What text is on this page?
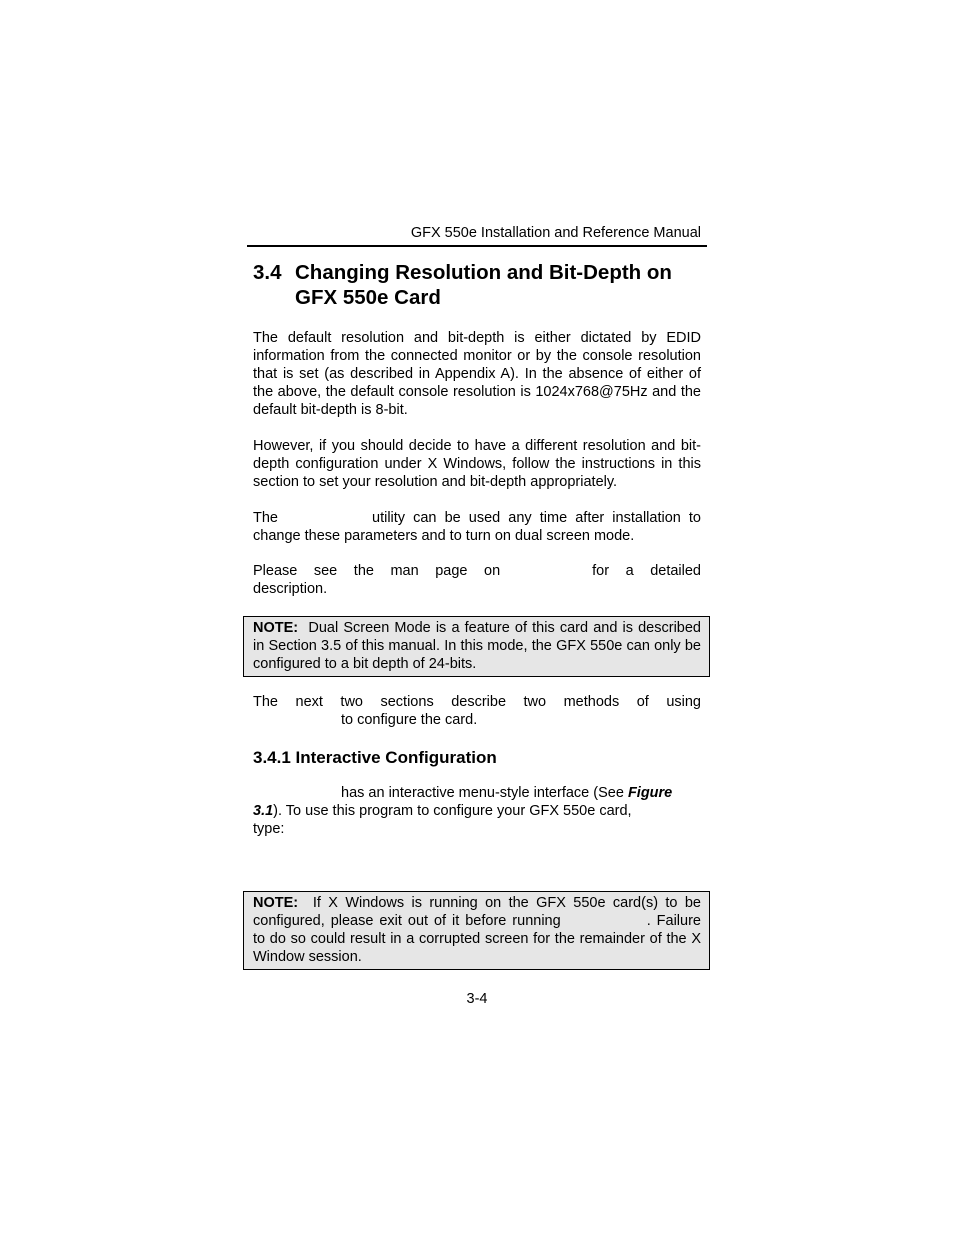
GFX 550e Installation and Reference Manual
3.4 Changing Resolution and Bit-Depth on
GFX 550e Card

The default resolution and bit-depth is either dictated by EDID information from the connected monitor or by the console resolution that is set (as described in Appendix A). In the absence of either of the above, the default console resolution is 1024x768@75Hz and the default bit-depth is 8-bit.

However, if you should decide to have a different resolution and bit-depth configuration under X Windows, follow the instructions in this section to set your resolution and bit-depth appropriately.

The	utility can be used any time after installation to
change these parameters and to turn on dual screen mode.
Please see the man page on	for a detailed
description.
NOTE: Dual Screen Mode is a feature of this card and is described in Section 3.5 of this manual. In this mode, the GFX 550e can only be configured to a bit depth of 24-bits.
The next two sections describe two methods of using
to configure the card.
3.4.1 Interactive Configuration
has an interactive menu-style interface (See Figure
3.1). To use this program to configure your GFX 550e card,
type:
NOTE: If X Windows is running on the GFX 550e card(s) to be configured, please exit out of it before running	. Failure to do so could result in a corrupted screen for the remainder of the X Window session.
3-4
